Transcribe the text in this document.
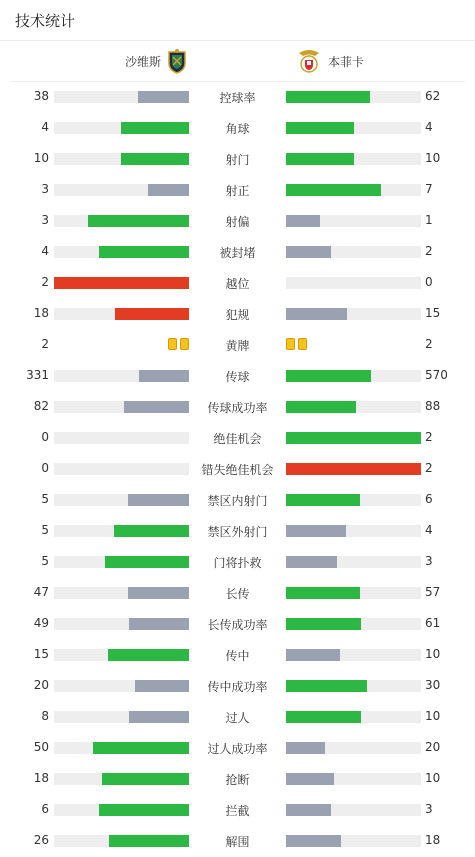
技术统计
沙维斯	本菲卡
38	控球率	62
4	角球	4
10	射门	10
3	射正	7
3	射偏	1
4	被封堵	2
2	越位	0
18	犯规	15
2	黄牌	2
331	传球	570
82	传球成功率	88
0	绝佳机会	2
0	错失绝佳机会	2
5	禁区内射门	6
5	禁区外射门	4
5	门将扑救	3
47	长传	57
49	长传成功率	61
15	传中	10
20	传中成功率	30
8	过人	10
50	过人成功率	20
18	抢断	10
6	拦截	3
26	解围	18
